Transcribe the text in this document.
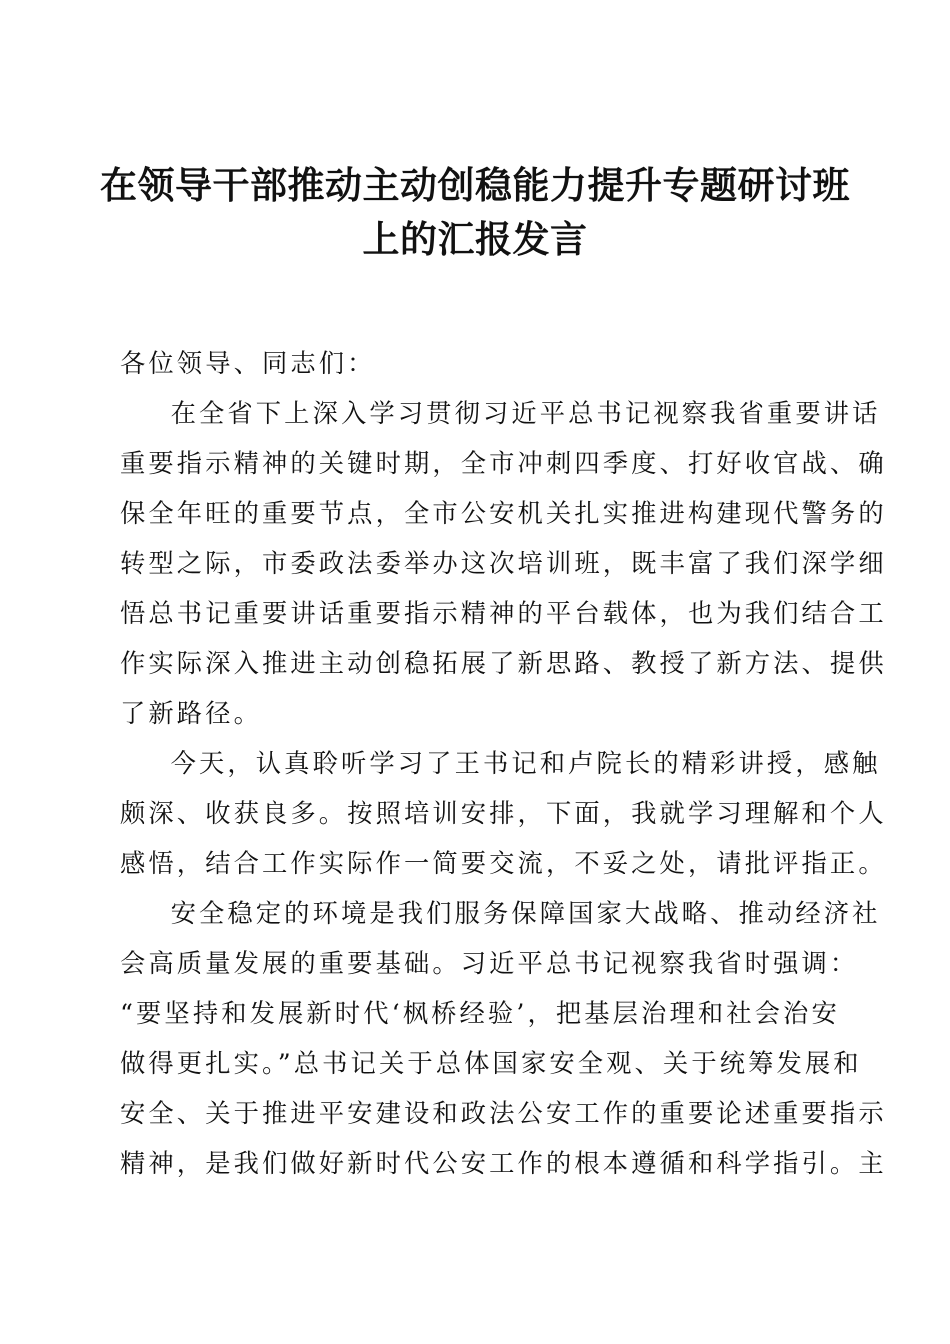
在领导干部推动主动创稳能力提升专题研讨班
上的汇报发言

各位领导、同志们：

在全省下上深入学习贯彻习近平总书记视察我省重要讲话
重要指示精神的关键时期，全市冲刺四季度、打好收官战、确
保全年旺的重要节点，全市公安机关扎实推进构建现代警务的
转型之际，市委政法委举办这次培训班，既丰富了我们深学细
悟总书记重要讲话重要指示精神的平台载体，也为我们结合工
作实际深入推进主动创稳拓展了新思路、教授了新方法、提供
了新路径。

今天，认真聆听学习了王书记和卢院长的精彩讲授，感触
颇深、收获良多。按照培训安排，下面，我就学习理解和个人
感悟，结合工作实际作一简要交流，不妥之处，请批评指正。

安全稳定的环境是我们服务保障国家大战略、推动经济社
会高质量发展的重要基础。习近平总书记视察我省时强调：
“要坚持和发展新时代‘枫桥经验’，把基层治理和社会治安
做得更扎实。”总书记关于总体国家安全观、关于统筹发展和
安全、关于推进平安建设和政法公安工作的重要论述重要指示
精神，是我们做好新时代公安工作的根本遵循和科学指引。主
